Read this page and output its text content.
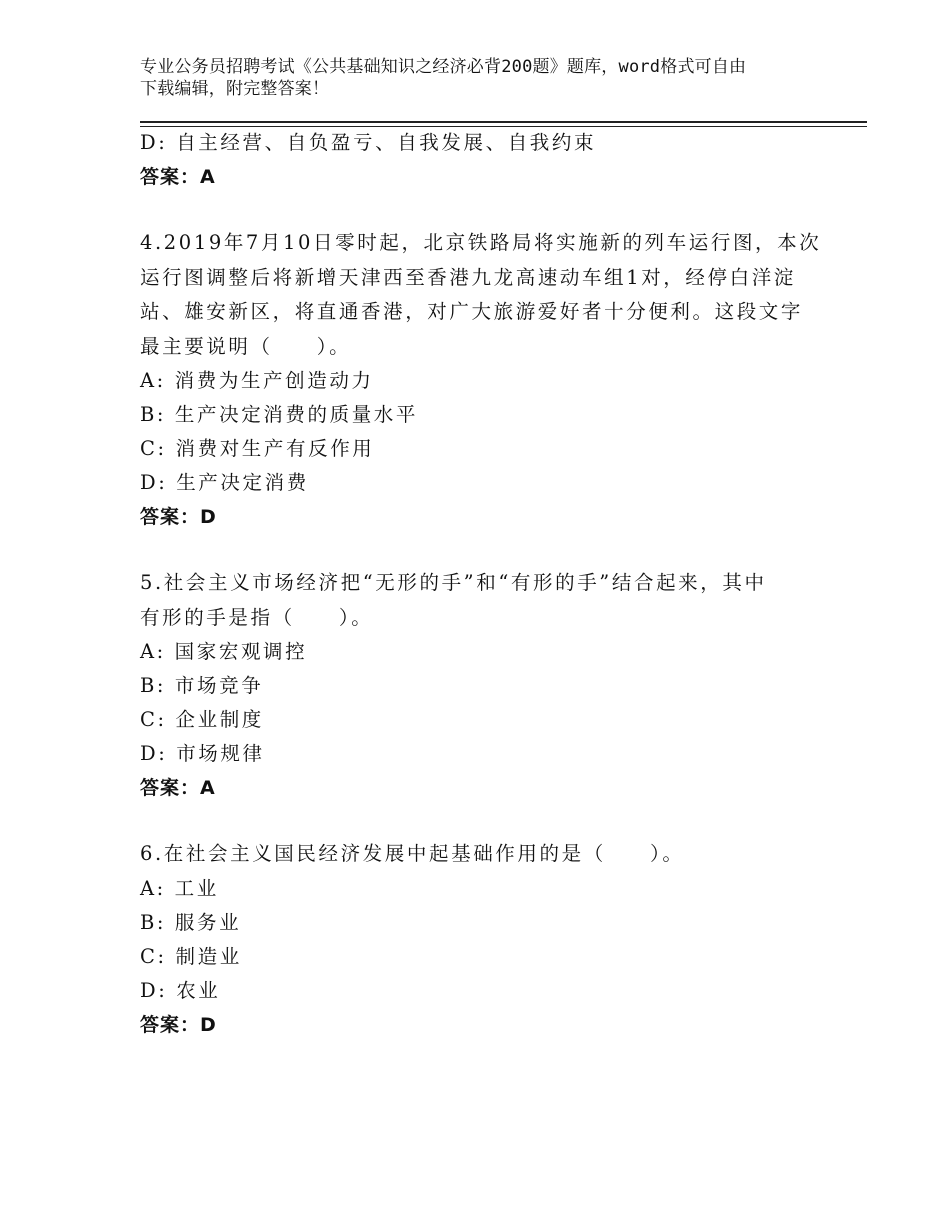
专业公务员招聘考试《公共基础知识之经济必背200题》题库，word格式可自由
下载编辑，附完整答案！
D: 自主经营、自负盈亏、自我发展、自我约束
答案：A
4.2019年7月10日零时起，北京铁路局将实施新的列车运行图，本次
运行图调整后将新增天津西至香港九龙高速动车组1对，经停白洋淀
站、雄安新区，将直通香港，对广大旅游爱好者十分便利。这段文字
最主要说明（　　）。
A: 消费为生产创造动力
B: 生产决定消费的质量水平
C: 消费对生产有反作用
D: 生产决定消费
答案：D
5.社会主义市场经济把“无形的手”和“有形的手”结合起来，其中
有形的手是指（　　）。
A: 国家宏观调控
B: 市场竞争
C: 企业制度
D: 市场规律
答案：A
6.在社会主义国民经济发展中起基础作用的是（　　）。
A: 工业
B: 服务业
C: 制造业
D: 农业
答案：D
